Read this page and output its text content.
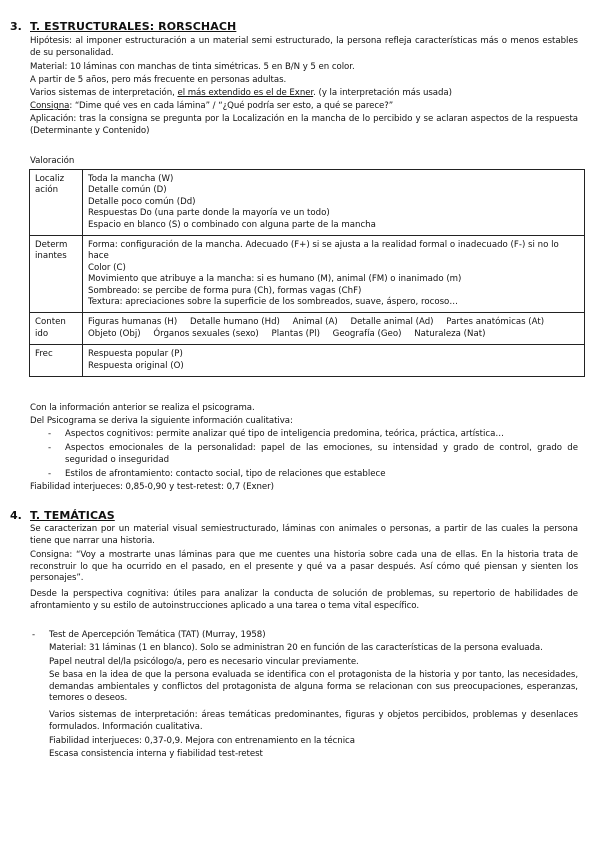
3. T. ESTRUCTURALES: RORSCHACH
Hipótesis: al imponer estructuración a un material semi estructurado, la persona refleja características más o menos estables de su personalidad.
Material: 10 láminas con manchas de tinta simétricas. 5 en B/N y 5 en color.
A partir de 5 años, pero más frecuente en personas adultas.
Varios sistemas de interpretación, el más extendido es el de Exner. (y la interpretación más usada)
Consigna: “Dime qué ves en cada lámina” / “¿Qué podría ser esto, a qué se parece?”
Aplicación: tras la consigna se pregunta por la Localización en la mancha de lo percibido y se aclaran aspectos de la respuesta (Determinante y Contenido)
Valoración
Localiz ación	Toda la mancha (W)
Detalle común (D)
Detalle poco común (Dd)
Respuestas Do (una parte donde la mayoría ve un todo)
Espacio en blanco (S) o combinado con alguna parte de la mancha

Determ inantes	Forma: configuración de la mancha. Adecuado (F+) si se ajusta a la realidad formal o inadecuado (F-) si no lo hace
Color (C)
Movimiento que atribuye a la mancha: si es humano (M), animal (FM) o inanimado (m)
Sombreado: se percibe de forma pura (Ch), formas vagas (ChF)
Textura: apreciaciones sobre la superficie de los sombreados, suave, áspero, rocoso…

Conten ido	Figuras humanas (H) Detalle humano (Hd) Animal (A) Detalle animal (Ad) Partes anatómicas (At)
Objeto (Obj) Órganos sexuales (sexo) Plantas (Pl) Geografía (Geo) Naturaleza (Nat)

Frec	Respuesta popular (P)
Respuesta original (O)
Con la información anterior se realiza el psicograma.
Del Psicograma se deriva la siguiente información cualitativa:
- Aspectos cognitivos: permite analizar qué tipo de inteligencia predomina, teórica, práctica, artística…
- Aspectos emocionales de la personalidad: papel de las emociones, su intensidad y grado de control, grado de seguridad o inseguridad
- Estilos de afrontamiento: contacto social, tipo de relaciones que establece
Fiabilidad interjueces: 0,85-0,90 y test-retest: 0,7 (Exner)
4. T. TEMÁTICAS
Se caracterizan por un material visual semiestructurado, láminas con animales o personas, a partir de las cuales la persona tiene que narrar una historia.
Consigna: “Voy a mostrarte unas láminas para que me cuentes una historia sobre cada una de ellas. En la historia trata de reconstruir lo que ha ocurrido en el pasado, en el presente y qué va a pasar después. Así cómo qué piensan y sienten los personajes”.
Desde la perspectiva cognitiva: útiles para analizar la conducta de solución de problemas, su repertorio de habilidades de afrontamiento y su estilo de autoinstrucciones aplicado a una tarea o tema vital específico.
- Test de Apercepción Temática (TAT) (Murray, 1958)
Material: 31 láminas (1 en blanco). Solo se administran 20 en función de las características de la persona evaluada.
Papel neutral del/la psicólogo/a, pero es necesario vincular previamente.
Se basa en la idea de que la persona evaluada se identifica con el protagonista de la historia y por tanto, las necesidades, demandas ambientales y conflictos del protagonista de alguna forma se relacionan con sus preocupaciones, esperanzas, temores o deseos.
Varios sistemas de interpretación: áreas temáticas predominantes, figuras y objetos percibidos, problemas y desenlaces formulados. Información cualitativa.
Fiabilidad interjueces: 0,37-0,9. Mejora con entrenamiento en la técnica
Escasa consistencia interna y fiabilidad test-retest
